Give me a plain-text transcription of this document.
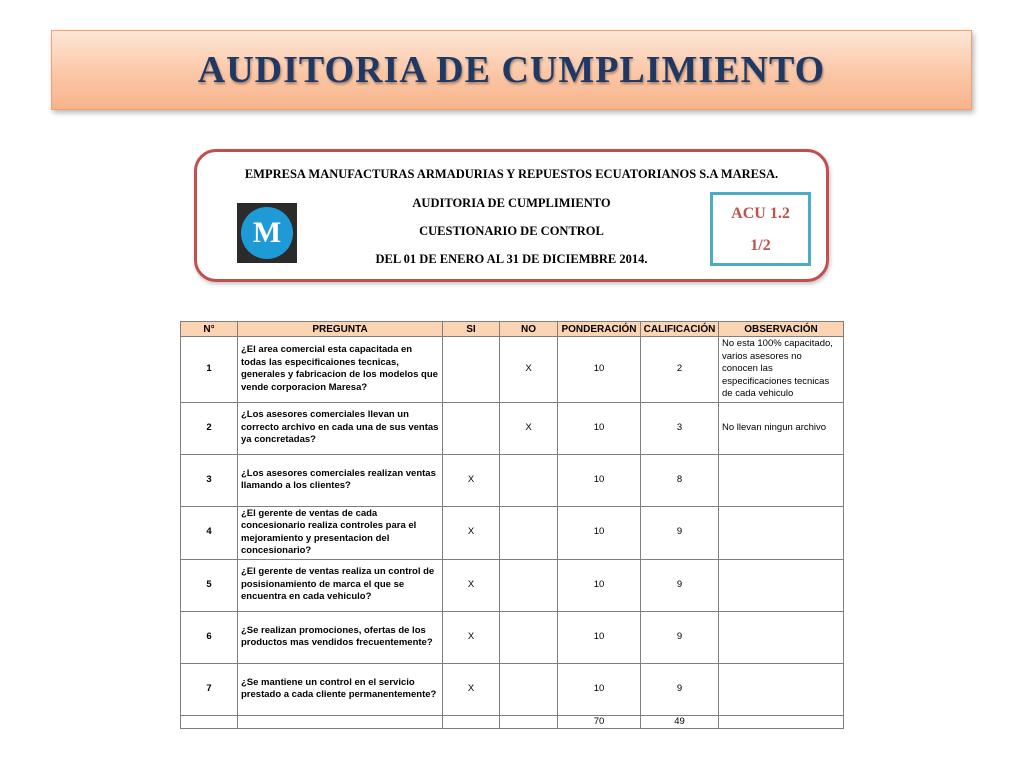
AUDITORIA DE CUMPLIMIENTO
EMPRESA MANUFACTURAS ARMADURIAS Y REPUESTOS ECUATORIANOS S.A MARESA.
AUDITORIA DE CUMPLIMIENTO
CUESTIONARIO DE CONTROL
DEL 01 DE ENERO AL 31 DE DICIEMBRE 2014.
M
ACU 1.2
1/2
N°	PREGUNTA	SI	NO	PONDERACIÓN	CALIFICACIÓN	OBSERVACIÓN
1	¿El area comercial esta capacitada en todas las especificaiones tecnicas, generales y fabricacion de los modelos que vende corporacion Maresa?		X	10	2	No esta 100% capacitado, varios asesores no conocen las especificaciones tecnicas de cada vehiculo
2	¿Los asesores comerciales llevan un correcto archivo en cada una de sus ventas ya concretadas?		X	10	3	No llevan ningun archivo
3	¿Los asesores comerciales realizan ventas llamando a los clientes?	X		10	8	
4	¿El gerente de ventas de cada concesionario realiza controles para el mejoramiento y presentacion del concesionario?	X		10	9	
5	¿El gerente de ventas realiza un control de posisionamiento de marca el que se encuentra en cada vehiculo?	X		10	9	
6	¿Se realizan promociones, ofertas de los productos mas vendidos frecuentemente?	X		10	9	
7	¿Se mantiene un control en el servicio prestado a cada cliente permanentemente?	X		10	9	
				70	49	
